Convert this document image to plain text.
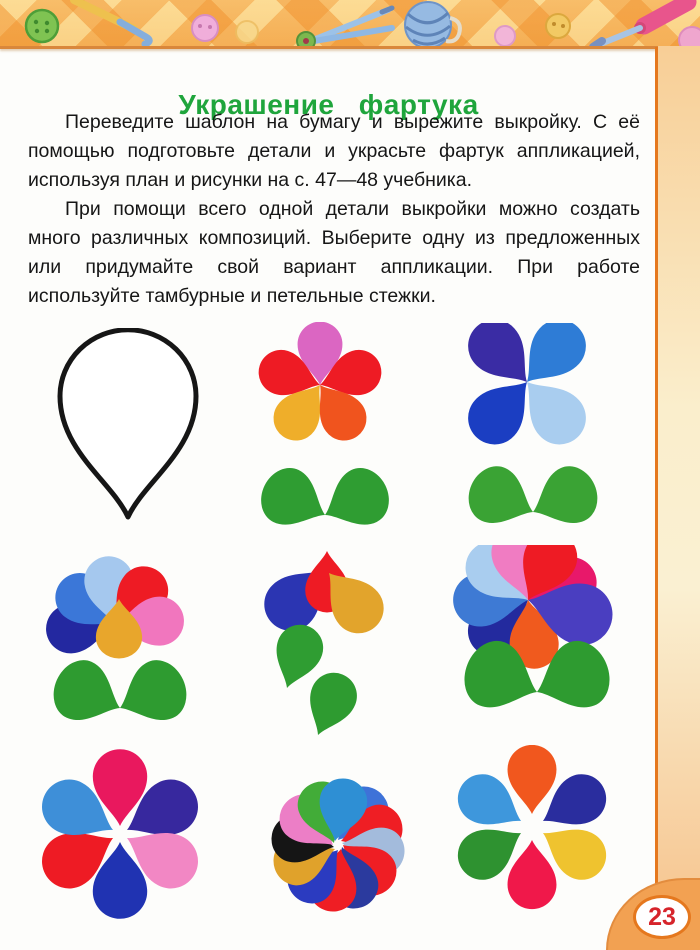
Украшение фартука

Переведите шаблон на бумагу и вырежите выкройку. С её помощью подготовьте детали и украсьте фартук аппликацией, используя план и рисунки на с. 47—48 учебника.

При помощи всего одной детали выкройки можно создать много различных композиций. Выберите одну из предложенных или придумайте свой вариант аппликации. При работе используйте тамбурные и петельные стежки.

23
